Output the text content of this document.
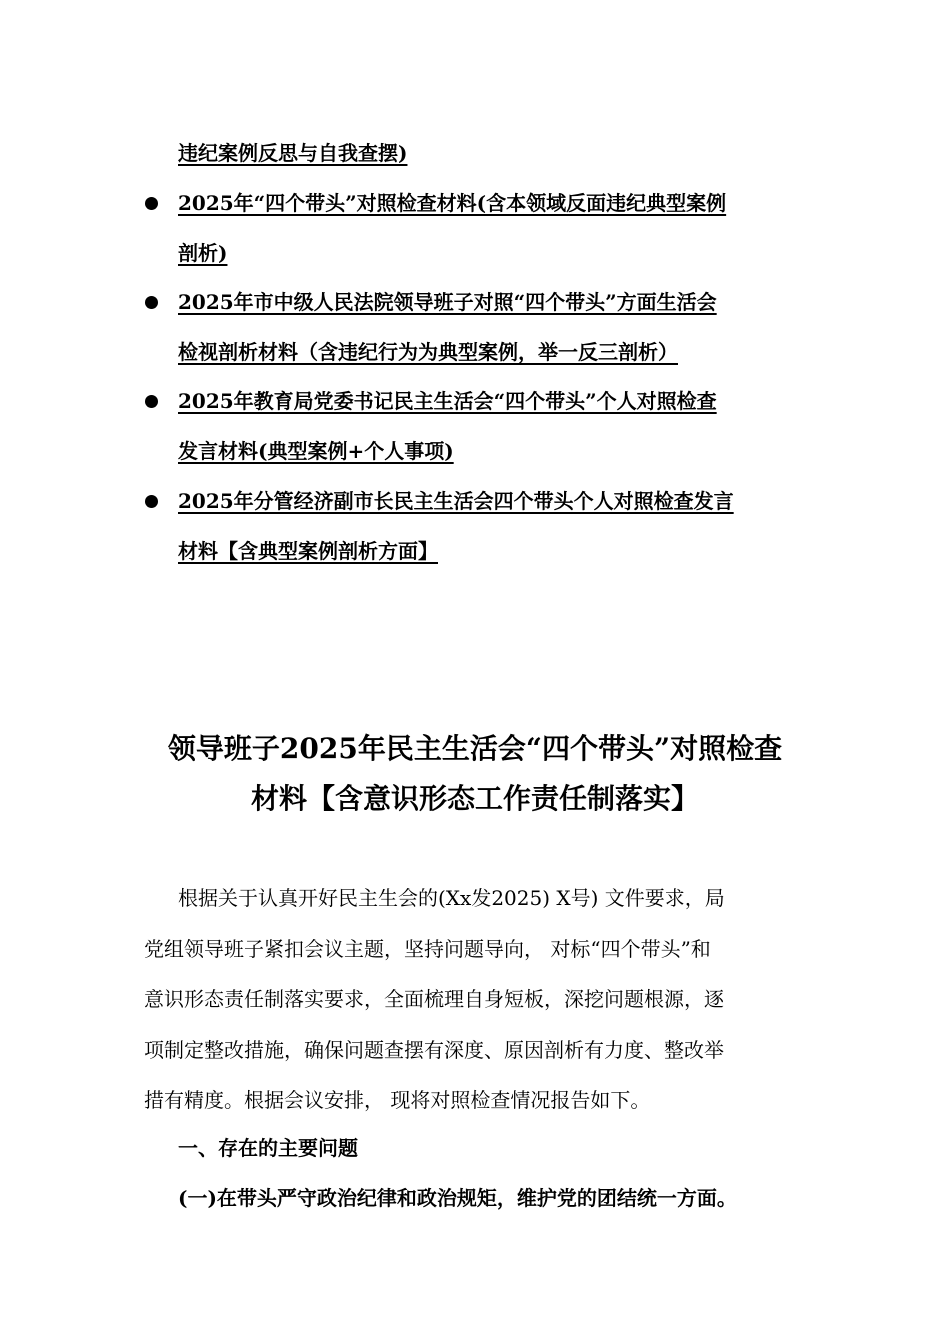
违纪案例反思与自我查摆)
2025年“四个带头”对照检查材料(含本领域反面违纪典型案例
剖析)
2025年市中级人民法院领导班子对照“四个带头”方面生活会
检视剖析材料（含违纪行为为典型案例，举一反三剖析）
2025年教育局党委书记民主生活会“四个带头”个人对照检查
发言材料(典型案例+个人事项)
2025年分管经济副市长民主生活会四个带头个人对照检查发言
材料【含典型案例剖析方面】
领导班子2025年民主生活会“四个带头”对照检查
材料【含意识形态工作责任制落实】
根据关于认真开好民主生会的(Xx发2025) X号) 文件要求，局
党组领导班子紧扣会议主题，坚持问题导向， 对标“四个带头”和
意识形态责任制落实要求，全面梳理自身短板，深挖问题根源，逐
项制定整改措施，确保问题查摆有深度、原因剖析有力度、整改举
措有精度。根据会议安排， 现将对照检查情况报告如下。
一、存在的主要问题
(一)在带头严守政治纪律和政治规矩，维护党的团结统一方面。
